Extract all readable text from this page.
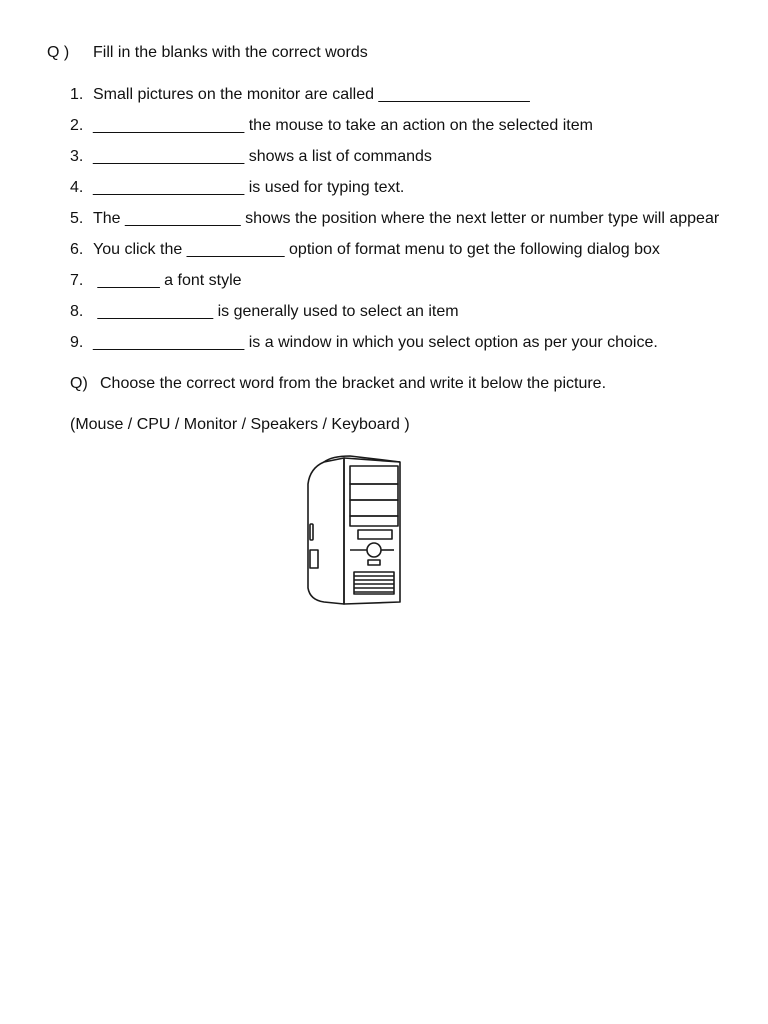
Q ) Fill in the blanks with the correct words
1. Small pictures on the monitor are called _________________
2. _________________ the mouse to take an action on the selected item
3. _________________ shows a list of commands
4. _________________ is used for typing text.
5. The _____________ shows the position where the next letter or number type will appear
6. You click the ___________ option of format menu to get the following dialog box
7. _______ a font style
8. _____________ is generally used to select an item
9. _________________ is a window in which you select option as per your choice.
Q) Choose the correct word from the bracket and write it below the picture.
(Mouse / CPU / Monitor / Speakers / Keyboard )
